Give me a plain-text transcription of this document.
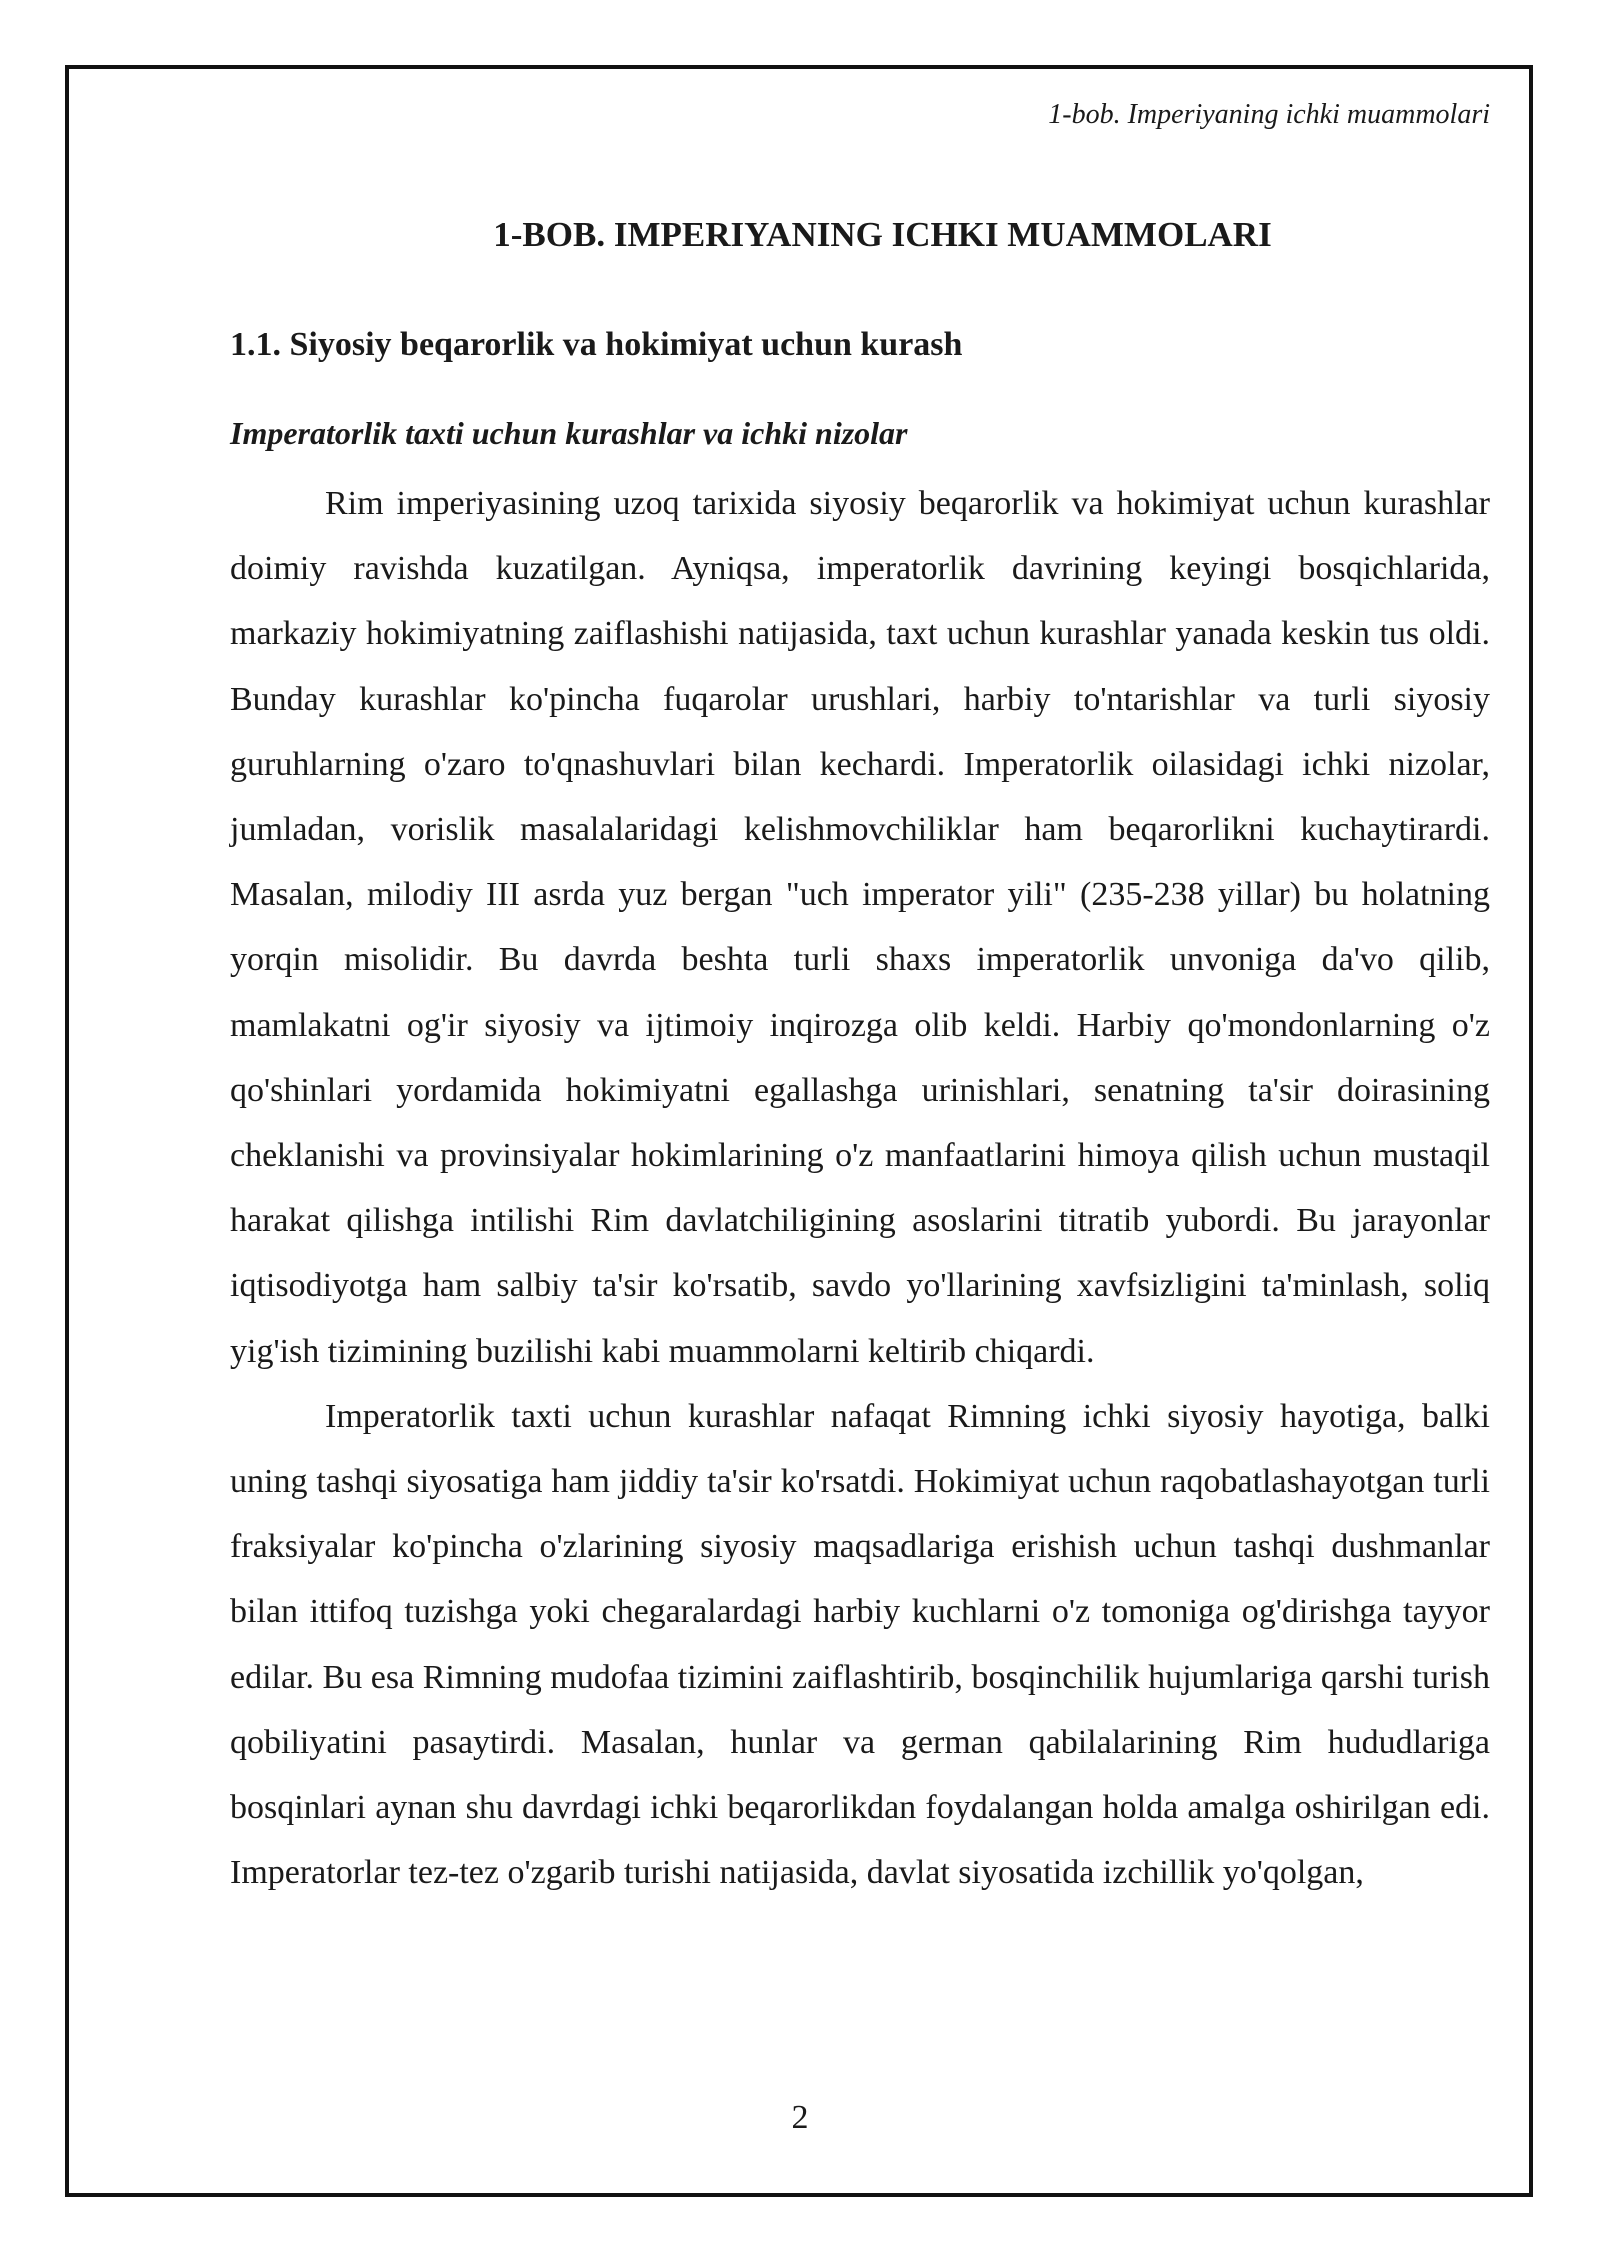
1-bob. Imperiyaning ichki muammolari
1-BOB. IMPERIYANING ICHKI MUAMMOLARI
1.1. Siyosiy beqarorlik va hokimiyat uchun kurash
Imperatorlik taxti uchun kurashlar va ichki nizolar

Rim imperiyasining uzoq tarixida siyosiy beqarorlik va hokimiyat uchun kurashlar doimiy ravishda kuzatilgan. Ayniqsa, imperatorlik davrining keyingi bosqichlarida, markaziy hokimiyatning zaiflashishi natijasida, taxt uchun kurashlar yanada keskin tus oldi. Bunday kurashlar ko'pincha fuqarolar urushlari, harbiy to'ntarishlar va turli siyosiy guruhlarning o'zaro to'qnashuvlari bilan kechardi. Imperatorlik oilasidagi ichki nizolar, jumladan, vorislik masalalaridagi kelishmovchiliklar ham beqarorlikni kuchaytirardi. Masalan, milodiy III asrda yuz bergan "uch imperator yili" (235-238 yillar) bu holatning yorqin misolidir. Bu davrda beshta turli shaxs imperatorlik unvoniga da'vo qilib, mamlakatni og'ir siyosiy va ijtimoiy inqirozga olib keldi. Harbiy qo'mondonlarning o'z qo'shinlari yordamida hokimiyatni egallashga urinishlari, senatning ta'sir doirasining cheklanishi va provinsiyalar hokimlarining o'z manfaatlarini himoya qilish uchun mustaqil harakat qilishga intilishi Rim davlatchiligining asoslarini titratib yubordi. Bu jarayonlar iqtisodiyotga ham salbiy ta'sir ko'rsatib, savdo yo'llarining xavfsizligini ta'minlash, soliq yig'ish tizimining buzilishi kabi muammolarni keltirib chiqardi.

Imperatorlik taxti uchun kurashlar nafaqat Rimning ichki siyosiy hayotiga, balki uning tashqi siyosatiga ham jiddiy ta'sir ko'rsatdi. Hokimiyat uchun raqobatlashayotgan turli fraksiyalar ko'pincha o'zlarining siyosiy maqsadlariga erishish uchun tashqi dushmanlar bilan ittifoq tuzishga yoki chegaralardagi harbiy kuchlarni o'z tomoniga og'dirishga tayyor edilar. Bu esa Rimning mudofaa tizimini zaiflashtirib, bosqinchilik hujumlariga qarshi turish qobiliyatini pasaytirdi. Masalan, hunlar va german qabilalarining Rim hududlariga bosqinlari aynan shu davrdagi ichki beqarorlikdan foydalangan holda amalga oshirilgan edi. Imperatorlar tez-tez o'zgarib turishi natijasida, davlat siyosatida izchillik yo'qolgan,

2
